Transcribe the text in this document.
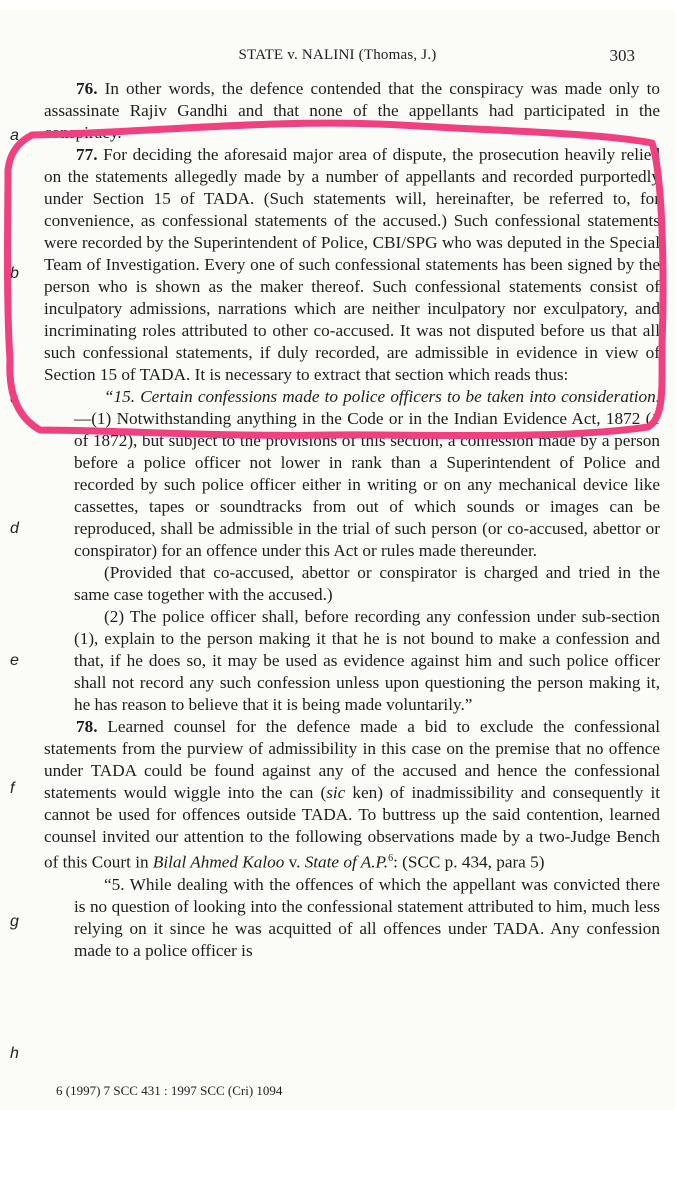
STATE v. NALINI (Thomas, J.)	303
a
b
c
d
e
f
g
h

76. In other words, the defence contended that the conspiracy was made only to assassinate Rajiv Gandhi and that none of the appellants had participated in the conspiracy.

77. For deciding the aforesaid major area of dispute, the prosecution heavily relied on the statements allegedly made by a number of appellants and recorded purportedly under Section 15 of TADA. (Such statements will, hereinafter, be referred to, for convenience, as confessional statements of the accused.) Such confessional statements were recorded by the Superintendent of Police, CBI/SPG who was deputed in the Special Team of Investigation. Every one of such confessional statements has been signed by the person who is shown as the maker thereof. Such confessional statements consist of inculpatory admissions, narrations which are neither inculpatory nor exculpatory, and incriminating roles attributed to other co-accused. It was not disputed before us that all such confessional statements, if duly recorded, are admissible in evidence in view of Section 15 of TADA. It is necessary to extract that section which reads thus:

“15. Certain confessions made to police officers to be taken into consideration.—(1) Notwithstanding anything in the Code or in the Indian Evidence Act, 1872 (1 of 1872), but subject to the provisions of this section, a confession made by a person before a police officer not lower in rank than a Superintendent of Police and recorded by such police officer either in writing or on any mechanical device like cassettes, tapes or soundtracks from out of which sounds or images can be reproduced, shall be admissible in the trial of such person (or co-accused, abettor or conspirator) for an offence under this Act or rules made thereunder.

(Provided that co-accused, abettor or conspirator is charged and tried in the same case together with the accused.)

(2) The police officer shall, before recording any confession under sub-section (1), explain to the person making it that he is not bound to make a confession and that, if he does so, it may be used as evidence against him and such police officer shall not record any such confession unless upon questioning the person making it, he has reason to believe that it is being made voluntarily.”

78. Learned counsel for the defence made a bid to exclude the confessional statements from the purview of admissibility in this case on the premise that no offence under TADA could be found against any of the accused and hence the confessional statements would wiggle into the can (sic ken) of inadmissibility and consequently it cannot be used for offences outside TADA. To buttress up the said contention, learned counsel invited our attention to the following observations made by a two-Judge Bench of this Court in Bilal Ahmed Kaloo v. State of A.P.$^6$: (SCC p. 434, para 5)

“5. While dealing with the offences of which the appellant was convicted there is no question of looking into the confessional statement attributed to him, much less relying on it since he was acquitted of all offences under TADA. Any confession made to a police officer is

6 (1997) 7 SCC 431 : 1997 SCC (Cri) 1094
